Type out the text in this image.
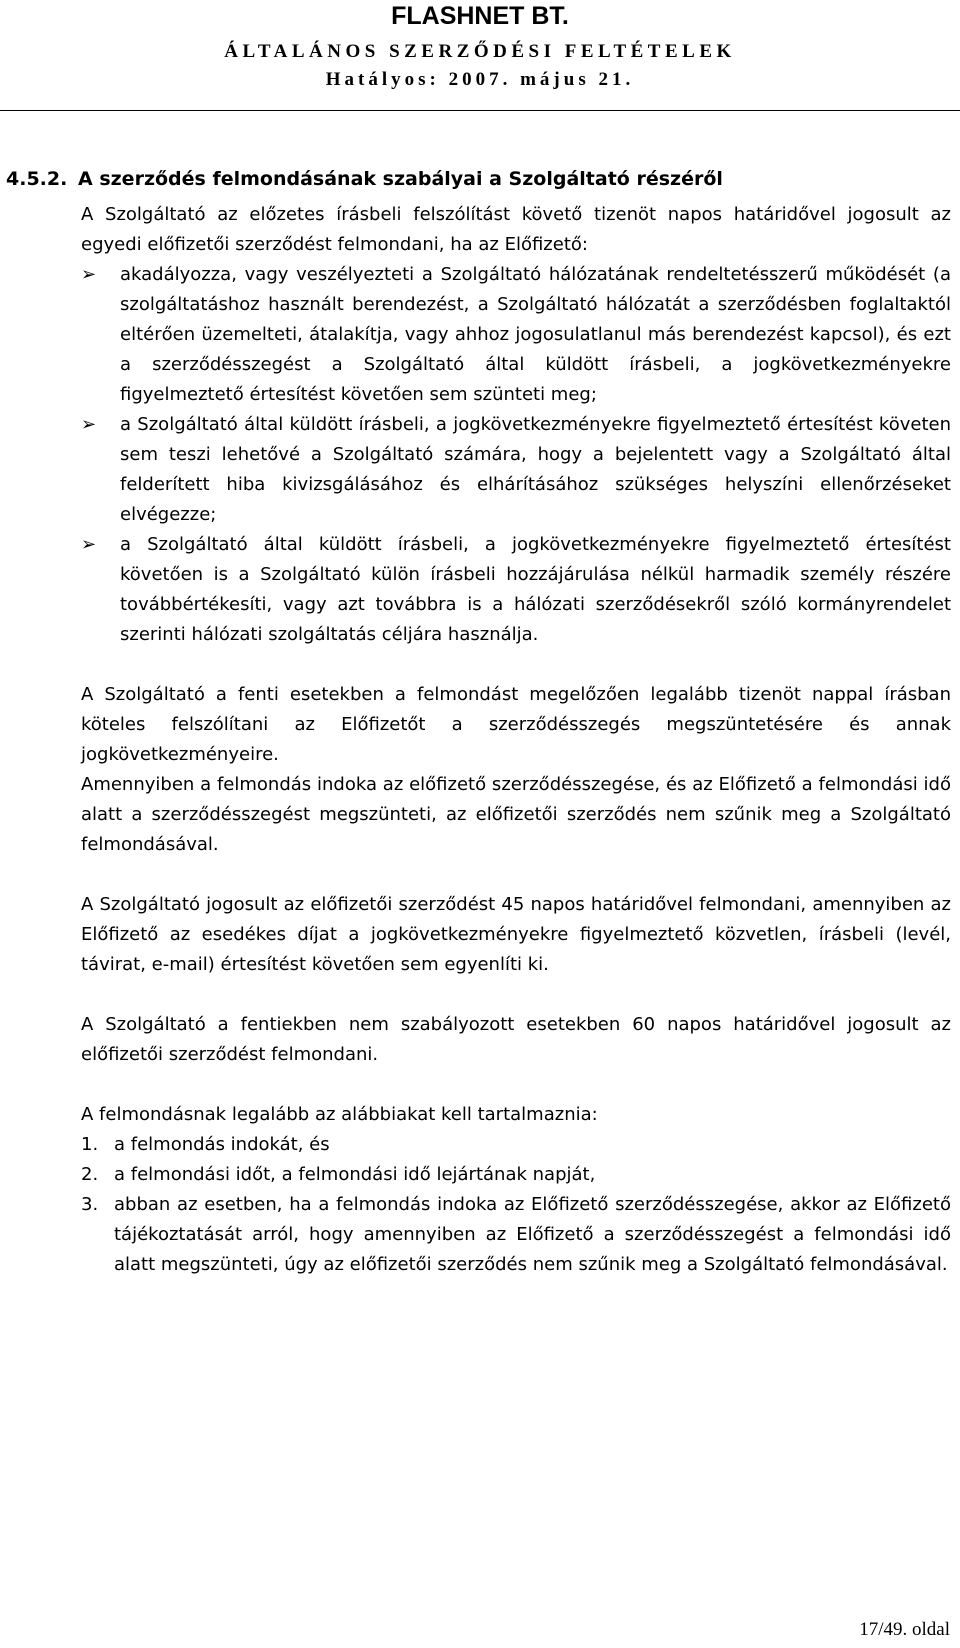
FLASHNET BT.
ÁLTALÁNOS SZERZŐDÉSI FELTÉTELEK
Hatályos: 2007. május 21.
4.5.2. A szerződés felmondásának szabályai a Szolgáltató részéről

A Szolgáltató az előzetes írásbeli felszólítást követő tizenöt napos határidővel jogosult az egyedi előfizetői szerződést felmondani, ha az Előfizető:

➢	akadályozza, vagy veszélyezteti a Szolgáltató hálózatának rendeltetésszerű működését (a szolgáltatáshoz használt berendezést, a Szolgáltató hálózatát a szerződésben foglaltaktól eltérően üzemelteti, átalakítja, vagy ahhoz jogosulatlanul más berendezést kapcsol), és ezt a szerződésszegést a Szolgáltató által küldött írásbeli, a jogkövetkezményekre figyelmeztető értesítést követően sem szünteti meg;
➢	a Szolgáltató által küldött írásbeli, a jogkövetkezményekre figyelmeztető értesítést követen sem teszi lehetővé a Szolgáltató számára, hogy a bejelentett vagy a Szolgáltató által felderített hiba kivizsgálásához és elhárításához szükséges helyszíni ellenőrzéseket elvégezze;
➢	a Szolgáltató által küldött írásbeli, a jogkövetkezményekre figyelmeztető értesítést követően is a Szolgáltató külön írásbeli hozzájárulása nélkül harmadik személy részére továbbértékesíti, vagy azt továbbra is a hálózati szerződésekről szóló kormányrendelet szerinti hálózati szolgáltatás céljára használja.

A Szolgáltató a fenti esetekben a felmondást megelőzően legalább tizenöt nappal írásban köteles felszólítani az Előfizetőt a szerződésszegés megszüntetésére és annak jogkövetkezményeire.

Amennyiben a felmondás indoka az előfizető szerződésszegése, és az Előfizető a felmondási idő alatt a szerződésszegést megszünteti, az előfizetői szerződés nem szűnik meg a Szolgáltató felmondásával.

A Szolgáltató jogosult az előfizetői szerződést 45 napos határidővel felmondani, amennyiben az Előfizető az esedékes díjat a jogkövetkezményekre figyelmeztető közvetlen, írásbeli (levél, távirat, e-mail) értesítést követően sem egyenlíti ki.

A Szolgáltató a fentiekben nem szabályozott esetekben 60 napos határidővel jogosult az előfizetői szerződést felmondani.

A felmondásnak legalább az alábbiakat kell tartalmaznia:

1. a felmondás indokát, és
2. a felmondási időt, a felmondási idő lejártának napját,
3. abban az esetben, ha a felmondás indoka az Előfizető szerződésszegése, akkor az Előfizető tájékoztatását arról, hogy amennyiben az Előfizető a szerződésszegést a felmondási idő alatt megszünteti, úgy az előfizetői szerződés nem szűnik meg a Szolgáltató felmondásával.
17/49. oldal
